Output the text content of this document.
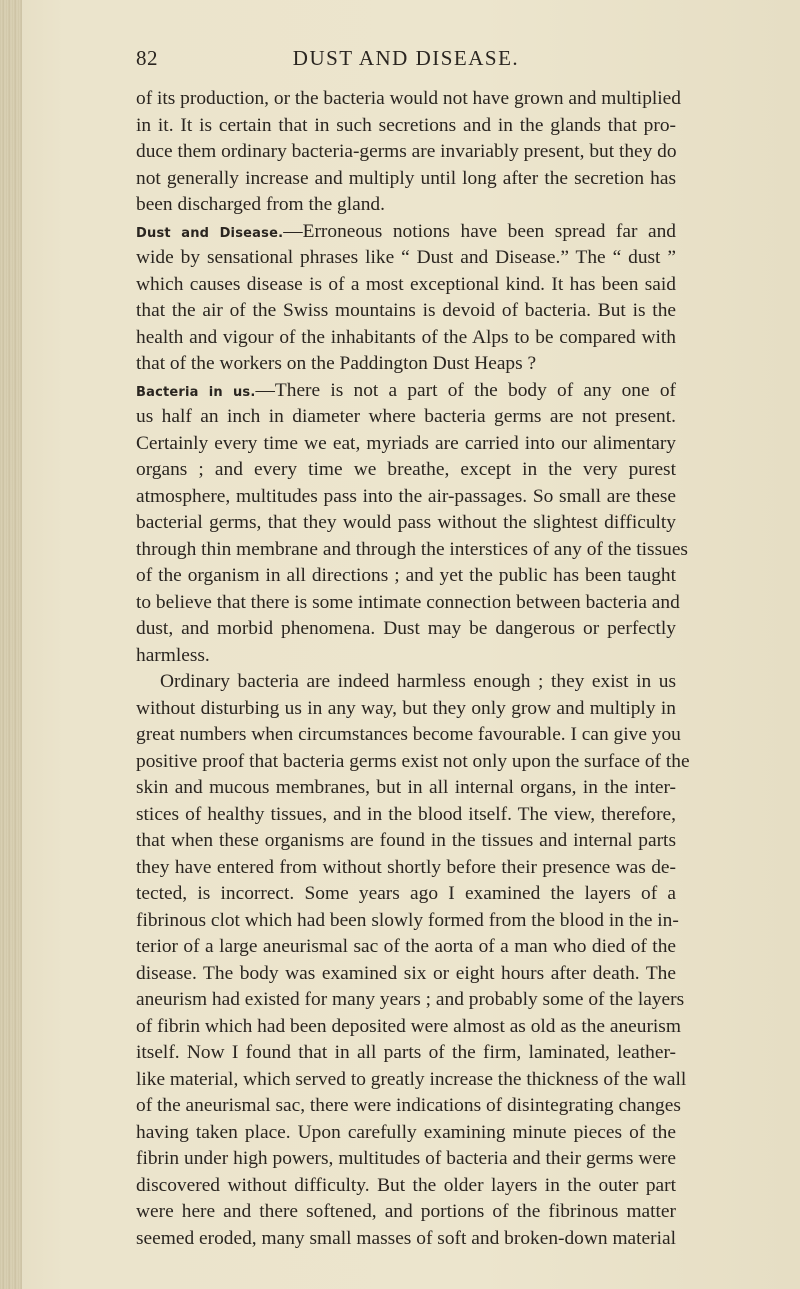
82	DUST AND DISEASE.
of its production, or the bacteria would not have grown and multiplied
in it. It is certain that in such secretions and in the glands that pro-
duce them ordinary bacteria-germs are invariably present, but they do
not generally increase and multiply until long after the secretion has
been discharged from the gland.
Dust and Disease.—Erroneous notions have been spread far and
wide by sensational phrases like “ Dust and Disease.” The “ dust ”
which causes disease is of a most exceptional kind. It has been said
that the air of the Swiss mountains is devoid of bacteria. But is the
health and vigour of the inhabitants of the Alps to be compared with
that of the workers on the Paddington Dust Heaps ?
Bacteria in us.—There is not a part of the body of any one of
us half an inch in diameter where bacteria germs are not present.
Certainly every time we eat, myriads are carried into our alimentary
organs ; and every time we breathe, except in the very purest
atmosphere, multitudes pass into the air-passages. So small are these
bacterial germs, that they would pass without the slightest difficulty
through thin membrane and through the interstices of any of the tissues
of the organism in all directions ; and yet the public has been taught
to believe that there is some intimate connection between bacteria and
dust, and morbid phenomena. Dust may be dangerous or perfectly
harmless.
Ordinary bacteria are indeed harmless enough ; they exist in us
without disturbing us in any way, but they only grow and multiply in
great numbers when circumstances become favourable. I can give you
positive proof that bacteria germs exist not only upon the surface of the
skin and mucous membranes, but in all internal organs, in the inter-
stices of healthy tissues, and in the blood itself. The view, therefore,
that when these organisms are found in the tissues and internal parts
they have entered from without shortly before their presence was de-
tected, is incorrect. Some years ago I examined the layers of a
fibrinous clot which had been slowly formed from the blood in the in-
terior of a large aneurismal sac of the aorta of a man who died of the
disease. The body was examined six or eight hours after death. The
aneurism had existed for many years ; and probably some of the layers
of fibrin which had been deposited were almost as old as the aneurism
itself. Now I found that in all parts of the firm, laminated, leather-
like material, which served to greatly increase the thickness of the wall
of the aneurismal sac, there were indications of disintegrating changes
having taken place. Upon carefully examining minute pieces of the
fibrin under high powers, multitudes of bacteria and their germs were
discovered without difficulty. But the older layers in the outer part
were here and there softened, and portions of the fibrinous matter
seemed eroded, many small masses of soft and broken-down material
